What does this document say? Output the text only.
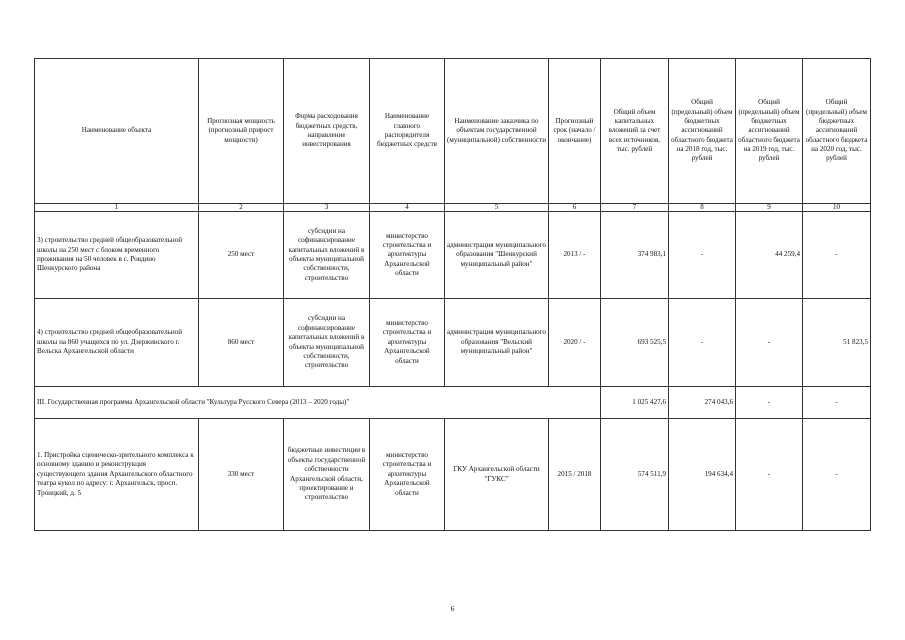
Наименование объекта	Прогнозная мощность (прогнозный прирост мощности)	Форма расходования бюджетных средств, направление инвестирования	Наименование главного распорядителя бюджетных средств	Наименование заказчика по объектам государственной (муниципальной) собственности	Прогнозный срок (начало / окончание)	Общий объем капитальных вложений за счет всех источников, тыс. рублей	Общий (предельный) объем бюджетных ассигнований областного бюджета на 2018 год, тыс. рублей	Общий (предельный) объем бюджетных ассигнований областного бюджета на 2019 год, тыс. рублей	Общий (предельный) объем бюджетных ассигнований областного бюджета на 2020 год, тыс. рублей
1	2	3	4	5	6	7	8	9	10
3) строительство средней общеобразовательной школы на 250 мест с блоком временного проживания на 50 человек в с. Ровдино Шенкурского района	250 мест	субсидии на софинансирование капитальных вложений в объекты муниципальной собственности, строительство	министерство строительства и архитектуры Архангельской области	администрация муниципального образования "Шенкурский муниципальный район"	2013 / -	374 983,1	-	44 259,4	-
4) строительство средней общеобразовательной школы на 860 учащихся по ул. Дзержинского г. Вельска Архангельской области	860 мест	субсидии на софинансирование капитальных вложений в объекты муниципальной собственности, строительство	министерство строительства и архитектуры Архангельской области	администрация муниципального образования "Вельский муниципальный район"	2020 / -	693 525,5	-	-	51 823,5
III. Государственная программа Архангельской области "Культура Русского Севера (2013 – 2020 годы)"						1 025 427,6	274 043,6	-	-
1. Пристройка сценическо-зрительного комплекса к основному зданию и реконструкция существующего здания Архангельского областного театра кукол по адресу: г. Архангельск, просп. Троицкий, д. 5	330 мест	бюджетные инвестиции в объекты государственной собственности Архангельской области, проектирование и строительство	министерство строительства и архитектуры Архангельской области	ГКУ Архангельской области "ГУКС"	2015 / 2018	574 511,9	194 634,4	-	-
6
